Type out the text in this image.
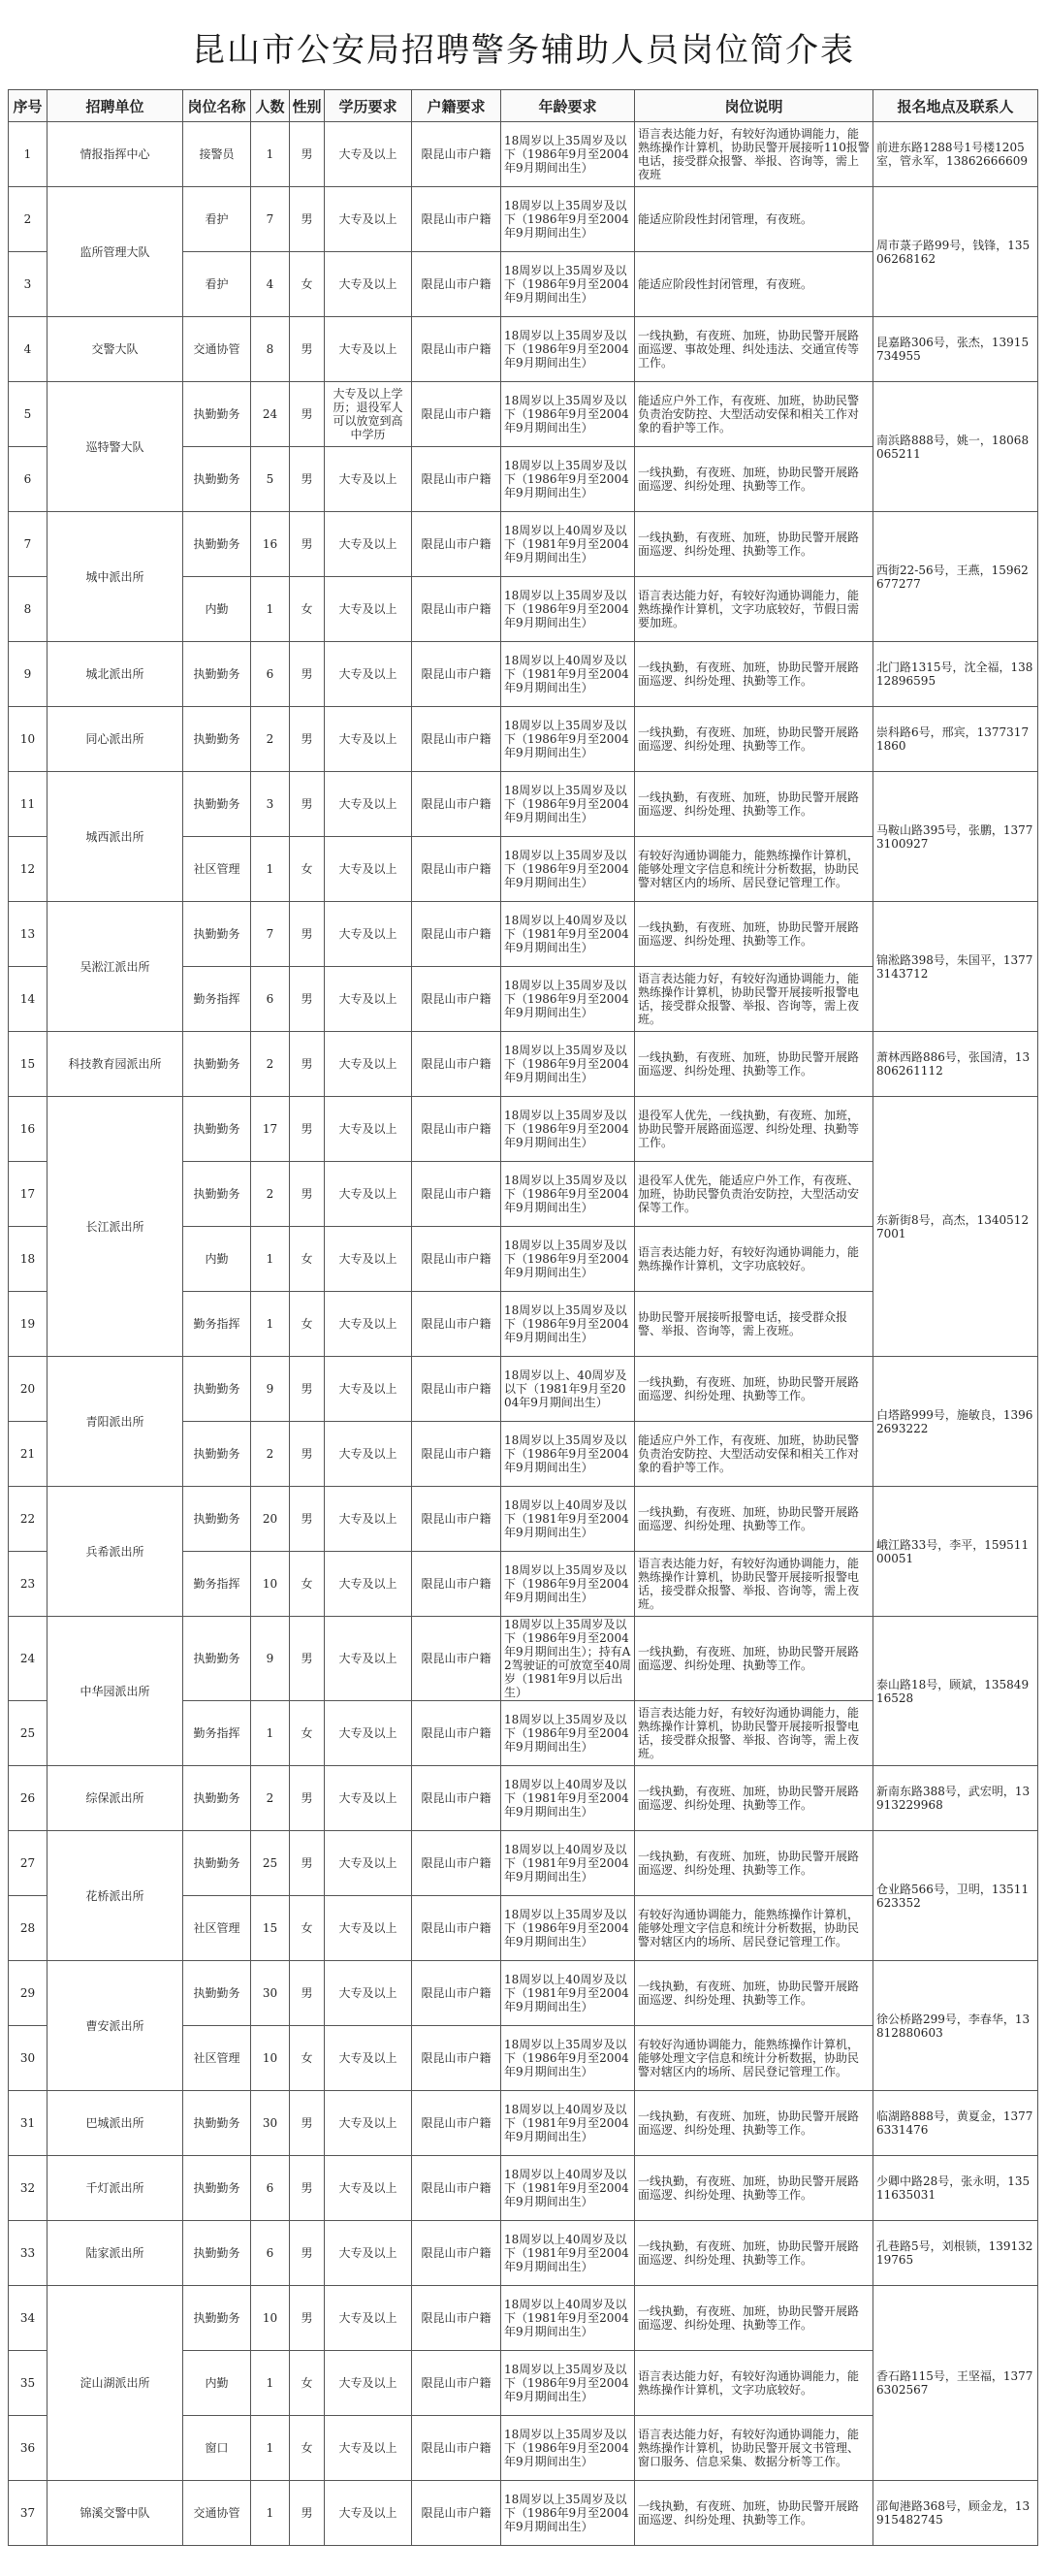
昆山市公安局招聘警务辅助人员岗位简介表
序号	招聘单位	岗位名称	人数	性别	学历要求	户籍要求	年龄要求	岗位说明	报名地点及联系人
1	情报指挥中心	接警员	1	男	大专及以上	限昆山市户籍	18周岁以上35周岁及以下（1986年9月至2004年9月期间出生）	语言表达能力好，有较好沟通协调能力，能熟练操作计算机，协助民警开展接听110报警电话，接受群众报警、举报、咨询等，需上夜班	前进东路1288号1号楼1205室，管永军，13862666609
2	监所管理大队	看护	7	男	大专及以上	限昆山市户籍	18周岁以上35周岁及以下（1986年9月至2004年9月期间出生）	能适应阶段性封闭管理，有夜班。	周市菉子路99号，钱锋，13506268162
3		看护	4	女	大专及以上	限昆山市户籍	18周岁以上35周岁及以下（1986年9月至2004年9月期间出生）	能适应阶段性封闭管理，有夜班。	
4	交警大队	交通协管	8	男	大专及以上	限昆山市户籍	18周岁以上35周岁及以下（1986年9月至2004年9月期间出生）	一线执勤，有夜班、加班，协助民警开展路面巡逻、事故处理、纠处违法、交通宣传等工作。	昆嘉路306号，张杰，13915734955
5	巡特警大队	执勤勤务	24	男	大专及以上学历；退役军人可以放宽到高中学历	限昆山市户籍	18周岁以上35周岁及以下（1986年9月至2004年9月期间出生）	能适应户外工作，有夜班、加班，协助民警负责治安防控、大型活动安保和相关工作对象的看护等工作。	南浜路888号，姚一，18068065211
6		执勤勤务	5	男	大专及以上	限昆山市户籍	18周岁以上35周岁及以下（1986年9月至2004年9月期间出生）	一线执勤，有夜班、加班，协助民警开展路面巡逻、纠纷处理、执勤等工作。	
7	城中派出所	执勤勤务	16	男	大专及以上	限昆山市户籍	18周岁以上40周岁及以下（1981年9月至2004年9月期间出生）	一线执勤，有夜班、加班，协助民警开展路面巡逻、纠纷处理、执勤等工作。	西街22-56号，王燕，15962677277
8		内勤	1	女	大专及以上	限昆山市户籍	18周岁以上35周岁及以下（1986年9月至2004年9月期间出生）	语言表达能力好，有较好沟通协调能力，能熟练操作计算机，文字功底较好，节假日需要加班。	
9	城北派出所	执勤勤务	6	男	大专及以上	限昆山市户籍	18周岁以上40周岁及以下（1981年9月至2004年9月期间出生）	一线执勤，有夜班、加班，协助民警开展路面巡逻、纠纷处理、执勤等工作。	北门路1315号，沈全福，13812896595
10	同心派出所	执勤勤务	2	男	大专及以上	限昆山市户籍	18周岁以上35周岁及以下（1986年9月至2004年9月期间出生）	一线执勤，有夜班、加班，协助民警开展路面巡逻、纠纷处理、执勤等工作。	崇科路6号，邢宾，13773171860
11	城西派出所	执勤勤务	3	男	大专及以上	限昆山市户籍	18周岁以上35周岁及以下（1986年9月至2004年9月期间出生）	一线执勤，有夜班、加班，协助民警开展路面巡逻、纠纷处理、执勤等工作。	马鞍山路395号，张鹏，13773100927
12		社区管理	1	女	大专及以上	限昆山市户籍	18周岁以上35周岁及以下（1986年9月至2004年9月期间出生）	有较好沟通协调能力，能熟练操作计算机，能够处理文字信息和统计分析数据，协助民警对辖区内的场所、居民登记管理工作。	
13	吴淞江派出所	执勤勤务	7	男	大专及以上	限昆山市户籍	18周岁以上40周岁及以下（1981年9月至2004年9月期间出生）	一线执勤，有夜班、加班，协助民警开展路面巡逻、纠纷处理、执勤等工作。	锦淞路398号，朱国平，13773143712
14		勤务指挥	6	男	大专及以上	限昆山市户籍	18周岁以上35周岁及以下（1986年9月至2004年9月期间出生）	语言表达能力好，有较好沟通协调能力，能熟练操作计算机，协助民警开展接听报警电话，接受群众报警、举报、咨询等，需上夜班。	
15	科技教育园派出所	执勤勤务	2	男	大专及以上	限昆山市户籍	18周岁以上35周岁及以下（1986年9月至2004年9月期间出生）	一线执勤，有夜班、加班，协助民警开展路面巡逻、纠纷处理、执勤等工作。	萧林西路886号，张国清，13806261112
16	长江派出所	执勤勤务	17	男	大专及以上	限昆山市户籍	18周岁以上35周岁及以下（1986年9月至2004年9月期间出生）	退役军人优先，一线执勤，有夜班、加班，协助民警开展路面巡逻、纠纷处理、执勤等工作。	东新街8号，高杰，13405127001
17		执勤勤务	2	男	大专及以上	限昆山市户籍	18周岁以上35周岁及以下（1986年9月至2004年9月期间出生）	退役军人优先，能适应户外工作，有夜班、加班，协助民警负责治安防控，大型活动安保等工作。	
18		内勤	1	女	大专及以上	限昆山市户籍	18周岁以上35周岁及以下（1986年9月至2004年9月期间出生）	语言表达能力好，有较好沟通协调能力，能熟练操作计算机，文字功底较好。	
19		勤务指挥	1	女	大专及以上	限昆山市户籍	18周岁以上35周岁及以下（1986年9月至2004年9月期间出生）	协助民警开展接听报警电话，接受群众报警、举报、咨询等，需上夜班。	
20	青阳派出所	执勤勤务	9	男	大专及以上	限昆山市户籍	18周岁以上、40周岁及以下（1981年9月至2004年9月期间出生）	一线执勤，有夜班、加班，协助民警开展路面巡逻、纠纷处理、执勤等工作。	白塔路999号，施敏良，13962693222
21		执勤勤务	2	男	大专及以上	限昆山市户籍	18周岁以上35周岁及以下（1986年9月至2004年9月期间出生）	能适应户外工作，有夜班、加班，协助民警负责治安防控、大型活动安保和相关工作对象的看护等工作。	
22	兵希派出所	执勤勤务	20	男	大专及以上	限昆山市户籍	18周岁以上40周岁及以下（1981年9月至2004年9月期间出生）	一线执勤，有夜班、加班，协助民警开展路面巡逻、纠纷处理、执勤等工作。	峨江路33号，李平，15951100051
23		勤务指挥	10	女	大专及以上	限昆山市户籍	18周岁以上35周岁及以下（1986年9月至2004年9月期间出生）	语言表达能力好，有较好沟通协调能力，能熟练操作计算机，协助民警开展接听报警电话，接受群众报警、举报、咨询等，需上夜班。	
24	中华园派出所	执勤勤务	9	男	大专及以上	限昆山市户籍	18周岁以上35周岁及以下（1986年9月至2004年9月期间出生）；持有A2驾驶证的可放宽至40周岁（1981年9月以后出生）	一线执勤，有夜班、加班，协助民警开展路面巡逻、纠纷处理、执勤等工作。	泰山路18号，顾斌，13584916528
25		勤务指挥	1	女	大专及以上	限昆山市户籍	18周岁以上35周岁及以下（1986年9月至2004年9月期间出生）	语言表达能力好，有较好沟通协调能力，能熟练操作计算机，协助民警开展接听报警电话，接受群众报警、举报、咨询等，需上夜班。	
26	综保派出所	执勤勤务	2	男	大专及以上	限昆山市户籍	18周岁以上40周岁及以下（1981年9月至2004年9月期间出生）	一线执勤，有夜班、加班，协助民警开展路面巡逻、纠纷处理、执勤等工作。	新南东路388号，武宏明，13913229968
27	花桥派出所	执勤勤务	25	男	大专及以上	限昆山市户籍	18周岁以上40周岁及以下（1981年9月至2004年9月期间出生）	一线执勤，有夜班、加班，协助民警开展路面巡逻、纠纷处理、执勤等工作。	仓业路566号，卫明，13511623352
28		社区管理	15	女	大专及以上	限昆山市户籍	18周岁以上35周岁及以下（1986年9月至2004年9月期间出生）	有较好沟通协调能力，能熟练操作计算机，能够处理文字信息和统计分析数据，协助民警对辖区内的场所、居民登记管理工作。	
29	曹安派出所	执勤勤务	30	男	大专及以上	限昆山市户籍	18周岁以上40周岁及以下（1981年9月至2004年9月期间出生）	一线执勤，有夜班、加班，协助民警开展路面巡逻、纠纷处理、执勤等工作。	徐公桥路299号，李春华，13812880603
30		社区管理	10	女	大专及以上	限昆山市户籍	18周岁以上35周岁及以下（1986年9月至2004年9月期间出生）	有较好沟通协调能力，能熟练操作计算机，能够处理文字信息和统计分析数据，协助民警对辖区内的场所、居民登记管理工作。	
31	巴城派出所	执勤勤务	30	男	大专及以上	限昆山市户籍	18周岁以上40周岁及以下（1981年9月至2004年9月期间出生）	一线执勤，有夜班、加班，协助民警开展路面巡逻、纠纷处理、执勤等工作。	临湖路888号，黄夏金，13776331476
32	千灯派出所	执勤勤务	6	男	大专及以上	限昆山市户籍	18周岁以上40周岁及以下（1981年9月至2004年9月期间出生）	一线执勤，有夜班、加班，协助民警开展路面巡逻、纠纷处理、执勤等工作。	少卿中路28号，张永明，13511635031
33	陆家派出所	执勤勤务	6	男	大专及以上	限昆山市户籍	18周岁以上40周岁及以下（1981年9月至2004年9月期间出生）	一线执勤，有夜班、加班，协助民警开展路面巡逻、纠纷处理、执勤等工作。	孔巷路5号，刘根锁，13913219765
34	淀山湖派出所	执勤勤务	10	男	大专及以上	限昆山市户籍	18周岁以上40周岁及以下（1981年9月至2004年9月期间出生）	一线执勤，有夜班、加班，协助民警开展路面巡逻、纠纷处理、执勤等工作。	香石路115号，王坚福，13776302567
35		内勤	1	女	大专及以上	限昆山市户籍	18周岁以上35周岁及以下（1986年9月至2004年9月期间出生）	语言表达能力好，有较好沟通协调能力，能熟练操作计算机，文字功底较好。	
36		窗口	1	女	大专及以上	限昆山市户籍	18周岁以上35周岁及以下（1986年9月至2004年9月期间出生）	语言表达能力好，有较好沟通协调能力，能熟练操作计算机，协助民警开展文书管理、窗口服务、信息采集、数据分析等工作。	
37	锦溪交警中队	交通协管	1	男	大专及以上	限昆山市户籍	18周岁以上35周岁及以下（1986年9月至2004年9月期间出生）	一线执勤，有夜班、加班，协助民警开展路面巡逻、纠纷处理、执勤等工作。	邵甸港路368号，顾金龙，13915482745
